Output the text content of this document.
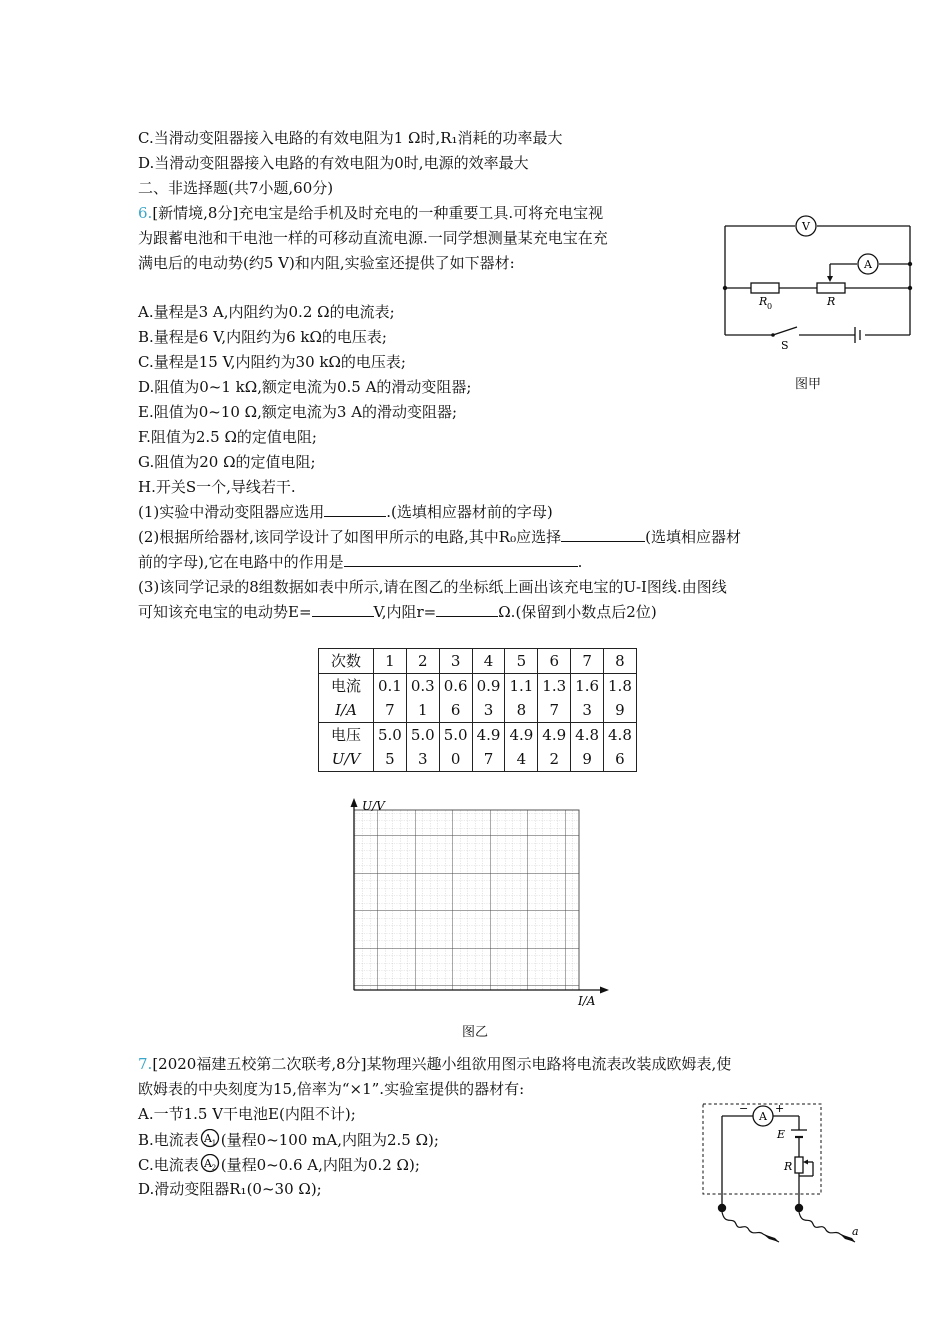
C.当滑动变阻器接入电路的有效电阻为1 Ω时,R₁消耗的功率最大
D.当滑动变阻器接入电路的有效电阻为0时,电源的效率最大
二、非选择题(共7小题,60分)
6.[新情境,8分]充电宝是给手机及时充电的一种重要工具.可将充电宝视
为跟蓄电池和干电池一样的可移动直流电源.一同学想测量某充电宝在充
满电后的电动势(约5 V)和内阻,实验室还提供了如下器材:
A.量程是3 A,内阻约为0.2 Ω的电流表;
B.量程是6 V,内阻约为6 kΩ的电压表;
C.量程是15 V,内阻约为30 kΩ的电压表;
D.阻值为0~1 kΩ,额定电流为0.5 A的滑动变阻器;
E.阻值为0~10 Ω,额定电流为3 A的滑动变阻器;
F.阻值为2.5 Ω的定值电阻;
G.阻值为20 Ω的定值电阻;
H.开关S一个,导线若干.
(1)实验中滑动变阻器应选用	.(选填相应器材前的字母)
(2)根据所给器材,该同学设计了如图甲所示的电路,其中R₀应选择	(选填相应器材
前的字母),它在电路中的作用是	.
(3)该同学记录的8组数据如表中所示,请在图乙的坐标纸上画出该充电宝的U-I图线.由图线
可知该充电宝的电动势E=	V,内阻r=	Ω.(保留到小数点后2位)
V
A
R 0	R
S
图甲
次数	1	2	3	4	5	6	7	8
电流	0.1	0.3	0.6	0.9	1.1	1.3	1.6	1.8
I/A	7	1	6	3	8	7	3	9
电压	5.0	5.0	5.0	4.9	4.9	4.9	4.8	4.8
U/V	5	3	0	7	4	2	9	6
U/V
I/A
图乙
7.[2020福建五校第二次联考,8分]某物理兴趣小组欲用图示电路将电流表改装成欧姆表,使
欧姆表的中央刻度为15,倍率为“×1”.实验室提供的器材有:
A.一节1.5 V干电池E(内阻不计);
B.电流表 A 1 (量程0~100 mA,内阻为2.5 Ω);
C.电流表 A 2 (量程0~0.6 A,内阻为0.2 Ω);
D.滑动变阻器R₁(0~30 Ω);
A
− +
E
R
a
